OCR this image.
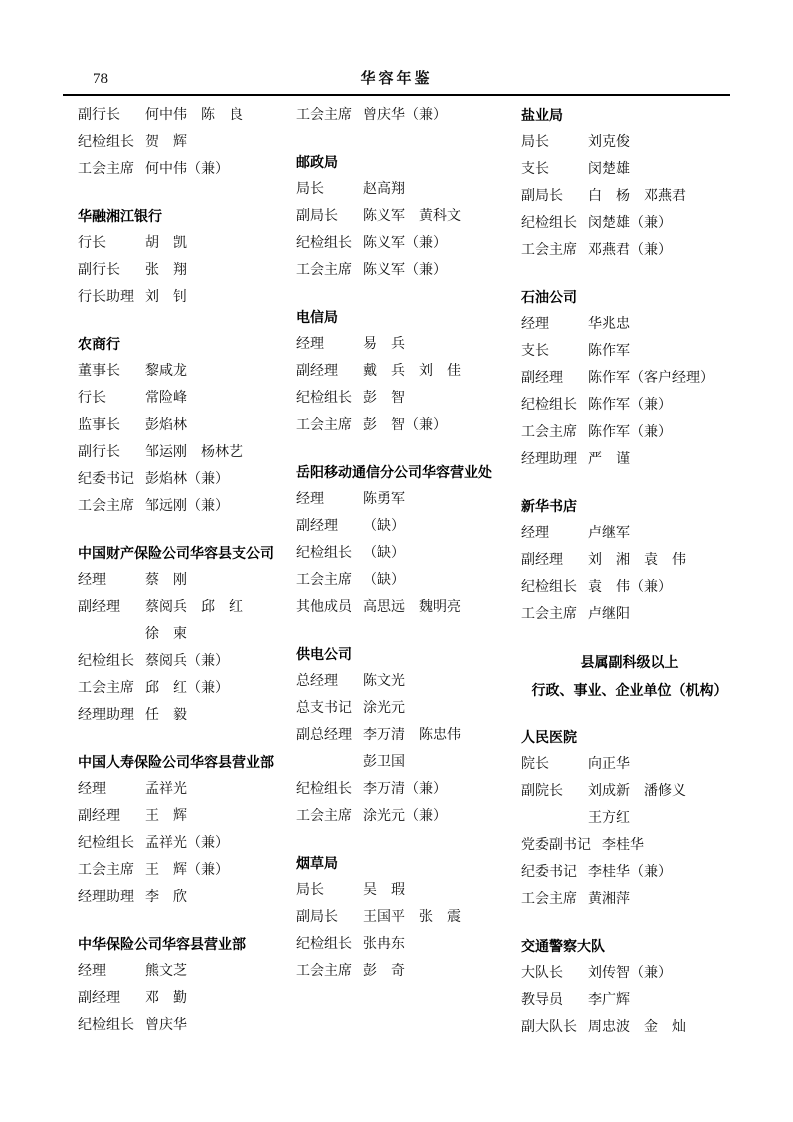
78	华容年鉴
副行长 何中伟　陈　良
纪检组长 贺　辉
工会主席 何中伟（兼）
华融湘江银行
行长	胡　凯
副行长 张　翔
行长助理 刘　钊
农商行
董事长 黎咸龙
行长	常险峰
监事长 彭焰林
副行长 邹运刚　杨林艺
纪委书记 彭焰林（兼）
工会主席 邹远刚（兼）
中国财产保险公司华容县支公司
经理	蔡　刚
副经理 蔡阅兵　邱　红
徐　柬
纪检组长 蔡阅兵（兼）
工会主席 邱　红（兼）
经理助理 任　毅
中国人寿保险公司华容县营业部
经理	孟祥光
副经理 王　辉
纪检组长 孟祥光（兼）
工会主席 王　辉（兼）
经理助理 李　欣
中华保险公司华容县营业部
经理	熊文芝
副经理 邓　勤
纪检组长 曾庆华
工会主席 曾庆华（兼）
邮政局
局长	赵高翔
副局长 陈义军　黄科文
纪检组长 陈义军（兼）
工会主席 陈义军（兼）
电信局
经理	易　兵
副经理 戴　兵　刘　佳
纪检组长 彭　智
工会主席 彭　智（兼）
岳阳移动通信分公司华容营业处
经理	陈勇军
副经理 （缺）
纪检组长 （缺）
工会主席 （缺）
其他成员 高思远　魏明亮
供电公司
总经理 陈文光
总支书记 涂光元
副总经理 李万清　陈忠伟
彭卫国
纪检组长 李万清（兼）
工会主席 涂光元（兼）
烟草局
局长	吴　瑕
副局长 王国平　张　震
纪检组长 张冉东
工会主席 彭　奇
盐业局
局长	刘克俊
支长	闵楚雄
副局长 白　杨　邓燕君
纪检组长 闵楚雄（兼）
工会主席 邓燕君（兼）
石油公司
经理	华兆忠
支长	陈作军
副经理 陈作军（客户经理）
纪检组长 陈作军（兼）
工会主席 陈作军（兼）
经理助理 严　谨
新华书店
经理	卢继军
副经理 刘　湘　袁　伟
纪检组长 袁　伟（兼）
工会主席 卢继阳
县属副科级以上
行政、事业、企业单位（机构）
人民医院
院长	向正华
副院长 刘成新　潘修义
王方红
党委副书记 李桂华
纪委书记 李桂华（兼）
工会主席 黄湘萍
交通警察大队
大队长 刘传智（兼）
教导员 李广辉
副大队长 周忠波　金　灿
